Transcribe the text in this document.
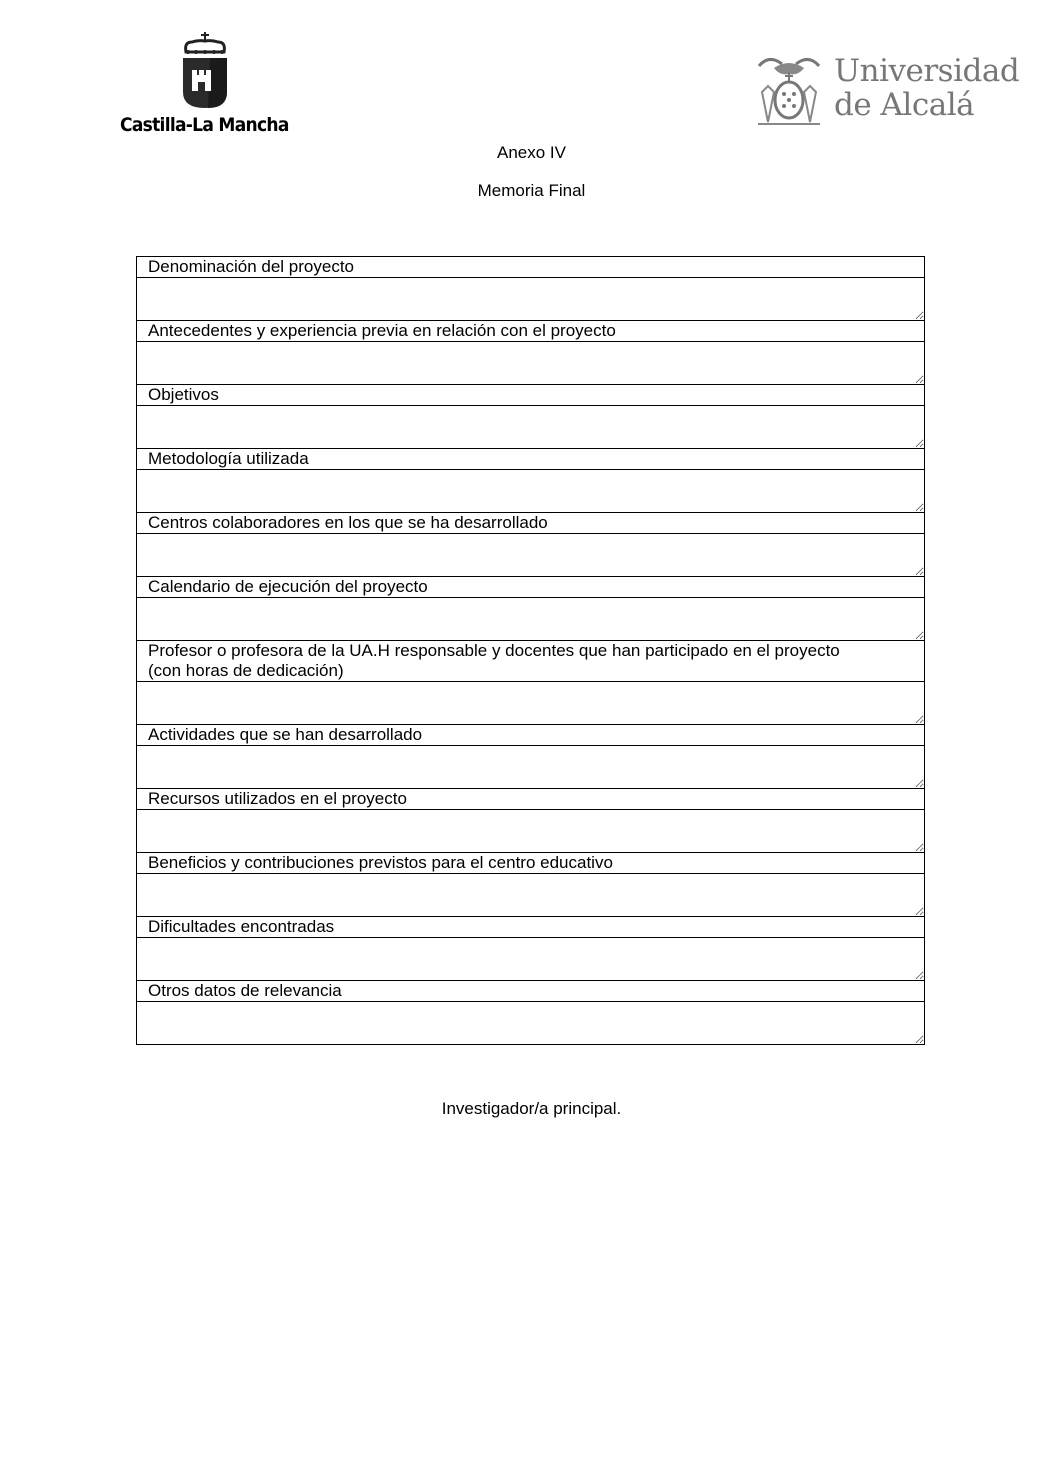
Castilla-La Mancha
Universidad
de Alcalá
Anexo IV
Memoria Final
Denominación del proyecto

Antecedentes y experiencia previa en relación con el proyecto

Objetivos

Metodología utilizada

Centros colaboradores en los que se ha desarrollado

Calendario de ejecución del proyecto

Profesor o profesora de la UA.H responsable y docentes que han participado en el proyecto
(con horas de dedicación)

Actividades que se han desarrollado

Recursos utilizados en el proyecto

Beneficios y contribuciones previstos para el centro educativo

Dificultades encontradas

Otros datos de relevancia

Investigador/a principal.
